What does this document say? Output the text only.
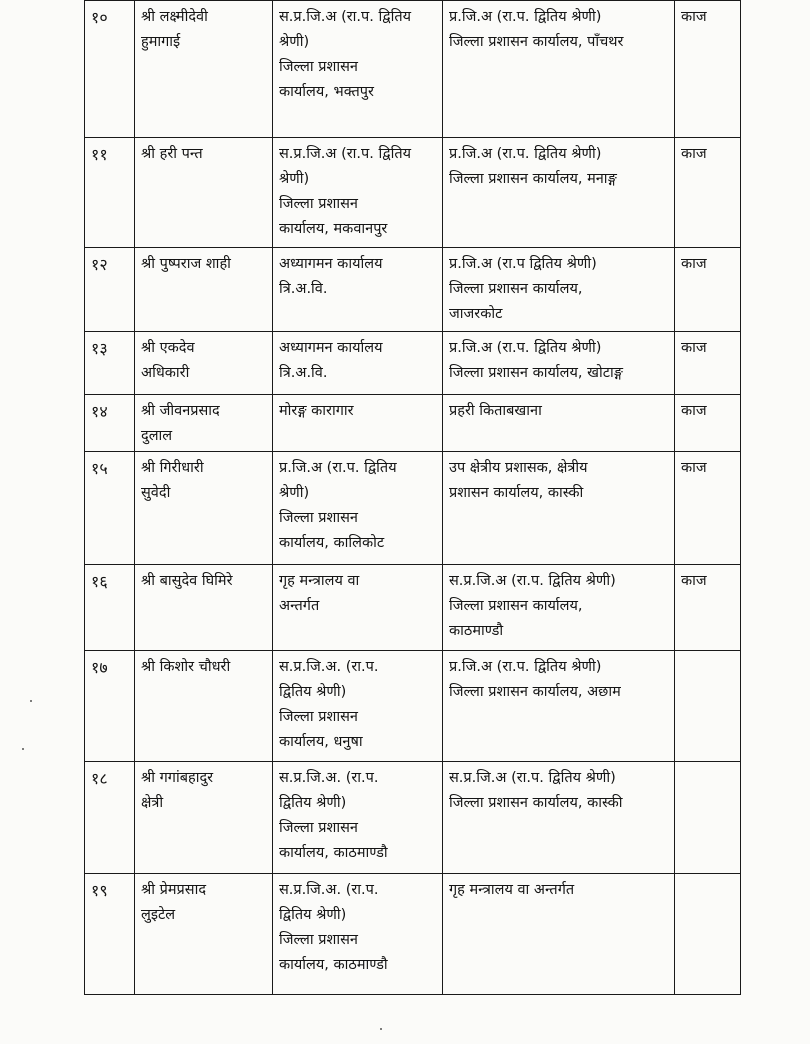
१०	श्री लक्ष्मीदेवी
हुमागाई	स.प्र.जि.अ (रा.प. द्वितिय
श्रेणी)
जिल्ला प्रशासन
कार्यालय, भक्तपुर	प्र.जि.अ (रा.प. द्वितिय श्रेणी)
जिल्ला प्रशासन कार्यालय, पाँचथर	काज
११	श्री हरी पन्त	स.प्र.जि.अ (रा.प. द्वितिय
श्रेणी)
जिल्ला प्रशासन
कार्यालय, मकवानपुर	प्र.जि.अ (रा.प. द्वितिय श्रेणी)
जिल्ला प्रशासन कार्यालय, मनाङ्ग	काज
१२	श्री पुष्पराज शाही	अध्यागमन कार्यालय
त्रि.अ.वि.	प्र.जि.अ (रा.प द्वितिय श्रेणी)
जिल्ला प्रशासन कार्यालय,
जाजरकोट	काज
१३	श्री एकदेव
अधिकारी	अध्यागमन कार्यालय
त्रि.अ.वि.	प्र.जि.अ (रा.प. द्वितिय श्रेणी)
जिल्ला प्रशासन कार्यालय, खोटाङ्ग	काज
१४	श्री जीवनप्रसाद
दुलाल	मोरङ्ग कारागार	प्रहरी किताबखाना	काज
१५	श्री गिरीधारी
सुवेदी	प्र.जि.अ (रा.प. द्वितिय
श्रेणी)
जिल्ला प्रशासन
कार्यालय, कालिकोट	उप क्षेत्रीय प्रशासक, क्षेत्रीय
प्रशासन कार्यालय, कास्की	काज
१६	श्री बासुदेव घिमिरे	गृह मन्त्रालय वा
अन्तर्गत	स.प्र.जि.अ (रा.प. द्वितिय श्रेणी)
जिल्ला प्रशासन कार्यालय,
काठमाण्डौ	काज
१७	श्री किशोर चौधरी	स.प्र.जि.अ. (रा.प.
द्वितिय श्रेणी)
जिल्ला प्रशासन
कार्यालय, धनुषा	प्र.जि.अ (रा.प. द्वितिय श्रेणी)
जिल्ला प्रशासन कार्यालय, अछाम	

१८	श्री गगांबहादुर
क्षेत्री	स.प्र.जि.अ. (रा.प.
द्वितिय श्रेणी)
जिल्ला प्रशासन
कार्यालय, काठमाण्डौ	स.प्र.जि.अ (रा.प. द्वितिय श्रेणी)
जिल्ला प्रशासन कार्यालय, कास्की	

१९	श्री प्रेमप्रसाद
लुइटेल	स.प्र.जि.अ. (रा.प.
द्वितिय श्रेणी)
जिल्ला प्रशासन
कार्यालय, काठमाण्डौ	गृह मन्त्रालय वा अन्तर्गत	
